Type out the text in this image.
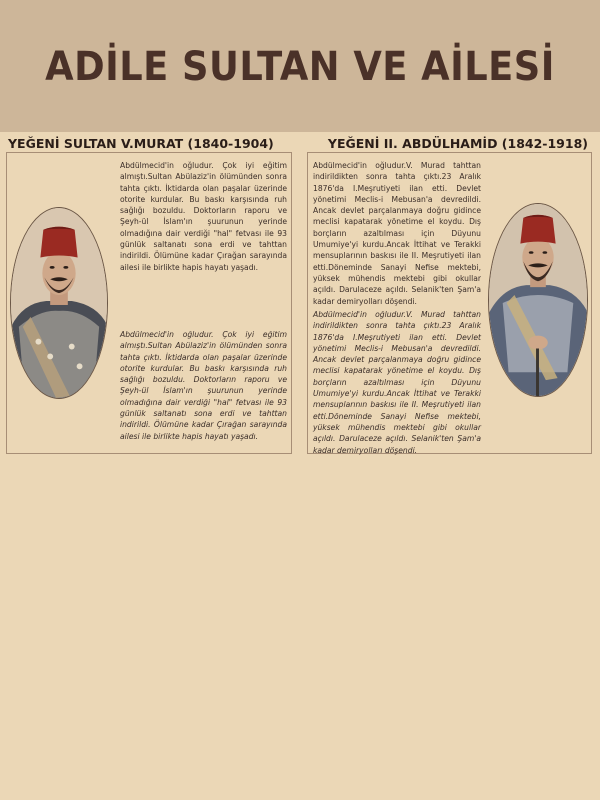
ADİLE SULTAN VE AİLESİ
YEĞENİ SULTAN V.MURAT (1840-1904)	YEĞENİ II. ABDÜLHAMİD (1842-1918)
Abdülmecid'in oğludur. Çok iyi eğitim almıştı.Sultan Abülaziz'in ölümünden sonra tahta çıktı. İktidarda olan paşalar üzerinde otorite kurdular. Bu baskı karşısında ruh sağlığı bozuldu. Doktorların raporu ve Şeyh-ül İslam'ın şuurunun yerinde olmadığına dair verdiği "hal" fetvası ile 93 günlük saltanatı sona erdi ve tahttan indirildi. Ölümüne kadar Çırağan sarayında ailesi ile birlikte hapis hayatı yaşadı.
Abdülmecid'in oğludur. Çok iyi eğitim almıştı.Sultan Abülaziz'in ölümünden sonra tahta çıktı. İktidarda olan paşalar üzerinde otorite kurdular. Bu baskı karşısında ruh sağlığı bozuldu. Doktorların raporu ve Şeyh-ül İslam'ın şuurunun yerinde olmadığına dair verdiği "hal" fetvası ile 93 günlük saltanatı sona erdi ve tahttan indirildi. Ölümüne kadar Çırağan sarayında ailesi ile birlikte hapis hayatı yaşadı.
Abdülmecid'in oğludur.V. Murad tahttan indirildikten sonra tahta çıktı.23 Aralık 1876'da I.Meşrutiyeti ilan etti. Devlet yönetimi Meclis-i Mebusan'a devredildi. Ancak devlet parçalanmaya doğru gidince meclisi kapatarak yönetime el koydu. Dış borçların azaltılması için Düyunu Umumiye'yi kurdu.Ancak İttihat ve Terakki mensuplarının baskısı ile II. Meşrutiyeti ilan etti.Döneminde Sanayi Nefise mektebi, yüksek mühendis mektebi gibi okullar açıldı. Darulaceze açıldı. Selanik'ten Şam'a kadar demiryolları döşendi.
Abdülmecid'in oğludur.V. Murad tahttan indirildikten sonra tahta çıktı.23 Aralık 1876'da I.Meşrutiyeti ilan etti. Devlet yönetimi Meclis-i Mebusan'a devredildi. Ancak devlet parçalanmaya doğru gidince meclisi kapatarak yönetime el koydu. Dış borçların azaltılması için Düyunu Umumiye'yi kurdu.Ancak İttihat ve Terakki mensuplarının baskısı ile II. Meşrutiyeti ilan etti.Döneminde Sanayi Nefise mektebi, yüksek mühendis mektebi gibi okullar açıldı. Darulaceze açıldı. Selanik'ten Şam'a kadar demiryolları döşendi.
